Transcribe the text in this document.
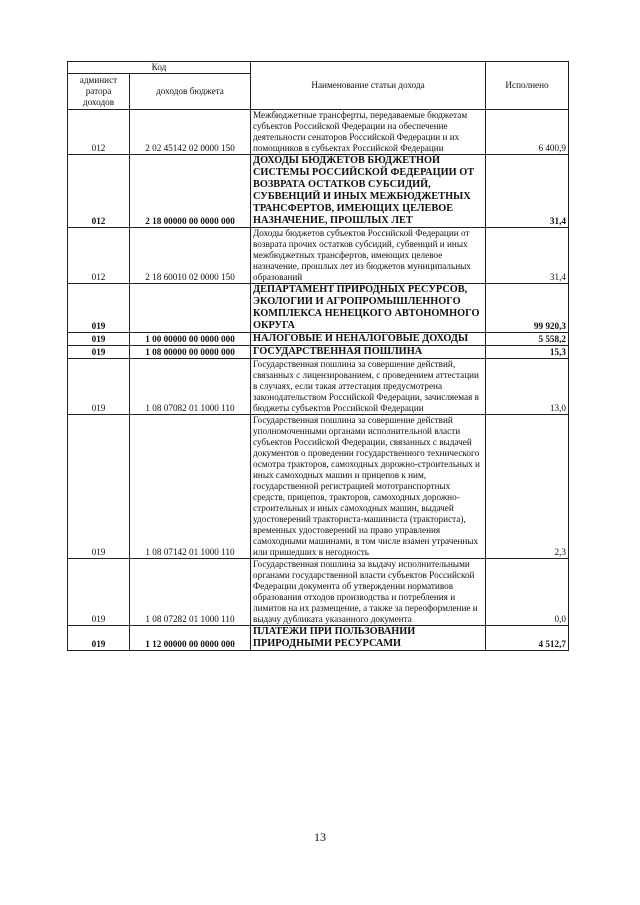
Код		Наименование статьи дохода	Исполнено
админист ратора доходов	доходов бюджета		
012	2 02 45142 02 0000 150	Межбюджетные трансферты, передаваемые бюджетам субъектов Российской Федерации на обеспечение деятельности сенаторов Российской Федерации и их помощников в субъектах Российской Федерации	6 400,9
012	2 18 00000 00 0000 000	ДОХОДЫ БЮДЖЕТОВ БЮДЖЕТНОЙ СИСТЕМЫ РОССИЙСКОЙ ФЕДЕРАЦИИ ОТ ВОЗВРАТА ОСТАТКОВ СУБСИДИЙ, СУБВЕНЦИЙ И ИНЫХ МЕЖБЮДЖЕТНЫХ ТРАНСФЕРТОВ, ИМЕЮЩИХ ЦЕЛЕВОЕ НАЗНАЧЕНИЕ, ПРОШЛЫХ ЛЕТ	31,4
012	2 18 60010 02 0000 150	Доходы бюджетов субъектов Российской Федерации от возврата прочих остатков субсидий, субвенций и иных межбюджетных трансфертов, имеющих целевое назначение, прошлых лет из бюджетов муниципальных образований	31,4
019		ДЕПАРТАМЕНТ ПРИРОДНЫХ РЕСУРСОВ, ЭКОЛОГИИ И АГРОПРОМЫШЛЕННОГО КОМПЛЕКСА НЕНЕЦКОГО АВТОНОМНОГО ОКРУГА	99 920,3
019	1 00 00000 00 0000 000	НАЛОГОВЫЕ И НЕНАЛОГОВЫЕ ДОХОДЫ	5 558,2
019	1 08 00000 00 0000 000	ГОСУДАРСТВЕННАЯ ПОШЛИНА	15,3
019	1 08 07082 01 1000 110	Государственная пошлина за совершение действий, связанных с лицензированием, с проведением аттестации в случаях, если такая аттестация предусмотрена законодательством Российской Федерации, зачисляемая в бюджеты субъектов Российской Федерации	13,0
019	1 08 07142 01 1000 110	Государственная пошлина за совершение действий уполномоченными органами исполнительной власти субъектов Российской Федерации, связанных с выдачей документов о проведении государственного технического осмотра тракторов, самоходных дорожно-строительных и иных самоходных машин и прицепов к ним, государственной регистрацией мототранспортных средств, прицепов, тракторов, самоходных дорожно-строительных и иных самоходных машин, выдачей удостоверений тракториста-машиниста (тракториста), временных удостоверений на право управления самоходными машинами, в том числе взамен утраченных или пришедших в негодность	2,3
019	1 08 07282 01 1000 110	Государственная пошлина за выдачу исполнительными органами государственной власти субъектов Российской Федерации документа об утверждении нормативов образования отходов производства и потребления и лимитов на их размещение, а также за переоформление и выдачу дубликата указанного документа	0,0
019	1 12 00000 00 0000 000	ПЛАТЕЖИ ПРИ ПОЛЬЗОВАНИИ ПРИРОДНЫМИ РЕСУРСАМИ	4 512,7
13
